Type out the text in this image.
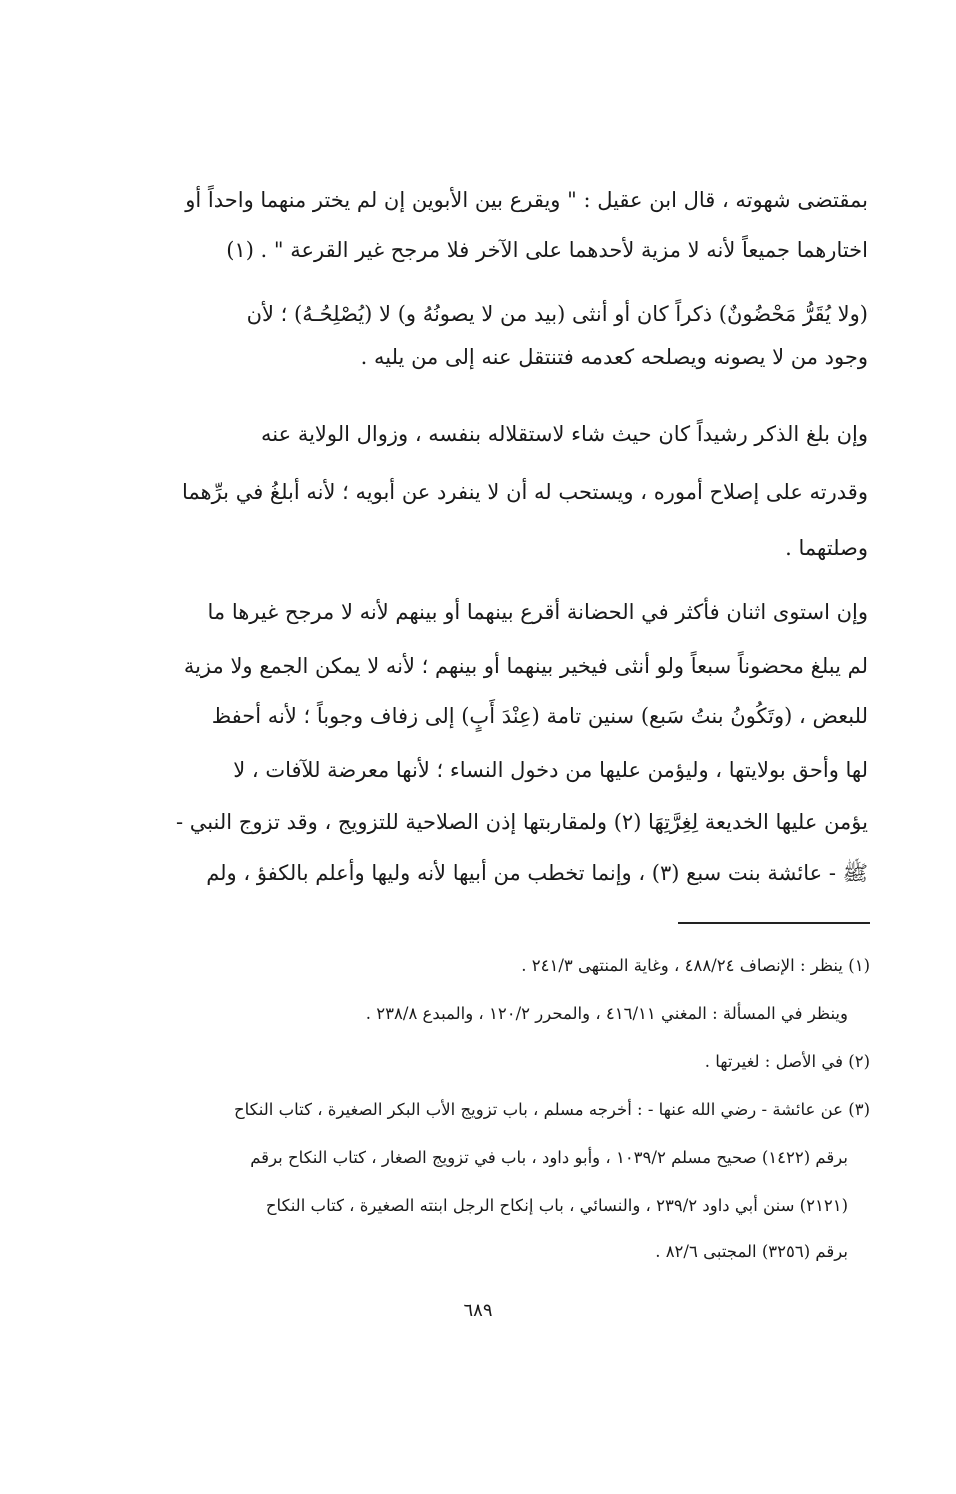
بمقتضى شهوته ، قال ابن عقيل : " ويقرع بين الأبوين إن لم يختر منهما واحداً أو
اختارهما جميعاً لأنه لا مزية لأحدهما على الآخر فلا مرجح غير القرعة " . (١)
(ولا يُقَرُّ مَحْضُونٌ) ذكراً كان أو أنثى (بيد من لا يصونُهُ و) لا (يُصْلِحُـهُ) ؛ لأن
وجود من لا يصونه ويصلحه كعدمه فتنتقل عنه إلى من يليه .
وإن بلغ الذكر رشيداً كان حيث شاء لاستقلاله بنفسه ، وزوال الولاية عنه
وقدرته على إصلاح أموره ، ويستحب له أن لا ينفرد عن أبويه ؛ لأنه أبلغُ في برِّهما
وصلتهما .
وإن استوى اثنان فأكثر في الحضانة أقرع بينهما أو بينهم لأنه لا مرجح غيرها ما
لم يبلغ محضوناً سبعاً ولو أنثى فيخير بينهما أو بينهم ؛ لأنه لا يمكن الجمع ولا مزية
للبعض ، (وتَكُونُ بنتُ سَبع) سنين تامة (عِنْدَ أَبٍ) إلى زفاف وجوباً ؛ لأنه أحفظ
لها وأحق بولايتها ، وليؤمن عليها من دخول النساء ؛ لأنها معرضة للآفات ، لا
يؤمن عليها الخديعة لِغِرَّتِهَا (٢) ولمقاربتها إذن الصلاحية للتزويج ، وقد تزوج النبي -
ﷺ - عائشة بنت سبع (٣) ، وإنما تخطب من أبيها لأنه وليها وأعلم بالكفؤ ، ولم
(١) ينظر : الإنصاف ٤٨٨/٢٤ ، وغاية المنتهى ٢٤١/٣ .
وينظر في المسألة : المغني ٤١٦/١١ ، والمحرر ١٢٠/٢ ، والمبدع ٢٣٨/٨ .
(٢) في الأصل : لغيرتها .
(٣) عن عائشة - رضي الله عنها - : أخرجه مسلم ، باب تزويج الأب البكر الصغيرة ، كتاب النكاح
برقم (١٤٢٢) صحيح مسلم ١٠٣٩/٢ ، وأبو داود ، باب في تزويج الصغار ، كتاب النكاح برقم
(٢١٢١) سنن أبي داود ٢٣٩/٢ ، والنسائي ، باب إنكاح الرجل ابنته الصغيرة ، كتاب النكاح
برقم (٣٢٥٦) المجتبى ٨٢/٦ .
٦٨٩
